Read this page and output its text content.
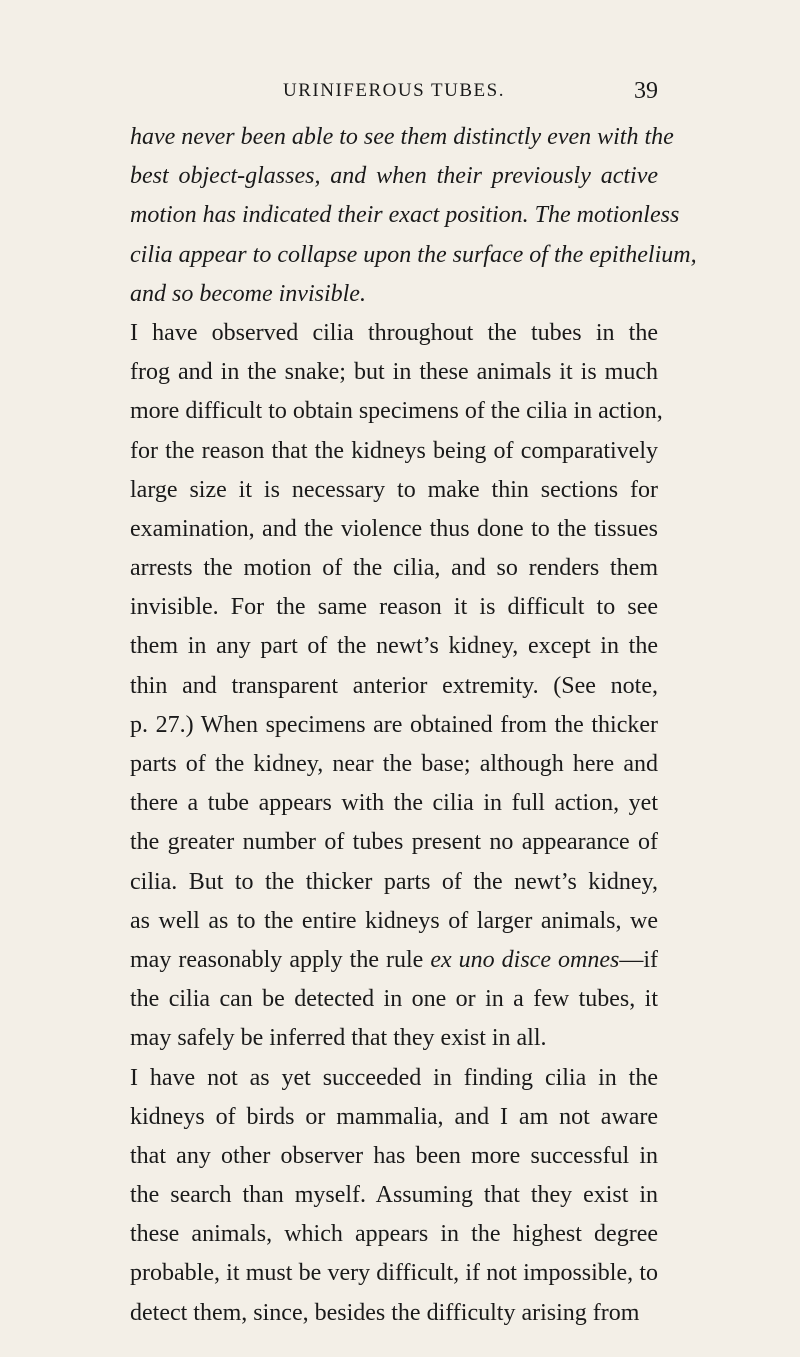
URINIFEROUS TUBES.	39
have never been able to see them distinctly even with the
best object-glasses, and when their previously active
motion has indicated their exact position. The motionless
cilia appear to collapse upon the surface of the epithelium,
and so become invisible.
I have observed cilia throughout the tubes in the
frog and in the snake; but in these animals it is much
more difficult to obtain specimens of the cilia in action,
for the reason that the kidneys being of comparatively
large size it is necessary to make thin sections for
examination, and the violence thus done to the tissues
arrests the motion of the cilia, and so renders them
invisible. For the same reason it is difficult to see
them in any part of the newt’s kidney, except in the
thin and transparent anterior extremity. (See note,
p. 27.) When specimens are obtained from the thicker
parts of the kidney, near the base; although here and
there a tube appears with the cilia in full action, yet
the greater number of tubes present no appearance of
cilia. But to the thicker parts of the newt’s kidney,
as well as to the entire kidneys of larger animals, we
may reasonably apply the rule ex uno disce omnes—if
the cilia can be detected in one or in a few tubes, it
may safely be inferred that they exist in all.
I have not as yet succeeded in finding cilia in the
kidneys of birds or mammalia, and I am not aware
that any other observer has been more successful in
the search than myself. Assuming that they exist in
these animals, which appears in the highest degree
probable, it must be very difficult, if not impossible, to
detect them, since, besides the difficulty arising from
